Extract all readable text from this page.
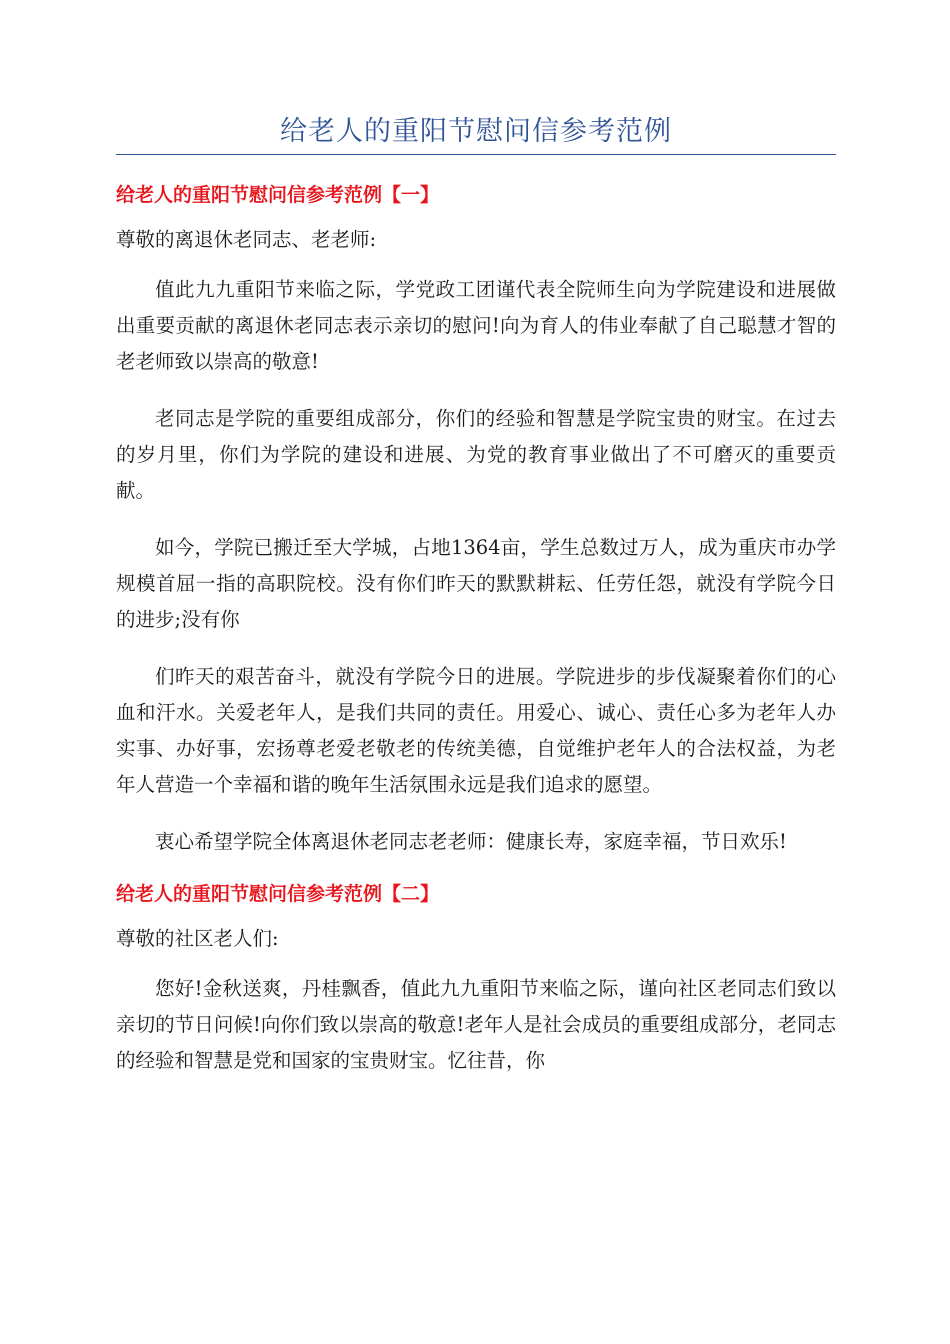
给老人的重阳节慰问信参考范例
给老人的重阳节慰问信参考范例【一】

尊敬的离退休老同志、老老师:

值此九九重阳节来临之际，学党政工团谨代表全院师生向为学院建设和进展做出重要贡献的离退休老同志表示亲切的慰问!向为育人的伟业奉献了自己聪慧才智的老老师致以崇高的敬意!

老同志是学院的重要组成部分，你们的经验和智慧是学院宝贵的财宝。在过去的岁月里，你们为学院的建设和进展、为党的教育事业做出了不可磨灭的重要贡献。

如今，学院已搬迁至大学城，占地1364亩，学生总数过万人，成为重庆市办学规模首屈一指的高职院校。没有你们昨天的默默耕耘、任劳任怨，就没有学院今日的进步;没有你

们昨天的艰苦奋斗，就没有学院今日的进展。学院进步的步伐凝聚着你们的心血和汗水。关爱老年人，是我们共同的责任。用爱心、诚心、责任心多为老年人办实事、办好事，宏扬尊老爱老敬老的传统美德，自觉维护老年人的合法权益，为老年人营造一个幸福和谐的晚年生活氛围永远是我们追求的愿望。

衷心希望学院全体离退休老同志老老师：健康长寿，家庭幸福，节日欢乐!

给老人的重阳节慰问信参考范例【二】

尊敬的社区老人们:

您好!金秋送爽，丹桂飘香，值此九九重阳节来临之际，谨向社区老同志们致以亲切的节日问候!向你们致以崇高的敬意!老年人是社会成员的重要组成部分，老同志的经验和智慧是党和国家的宝贵财宝。忆往昔，你
